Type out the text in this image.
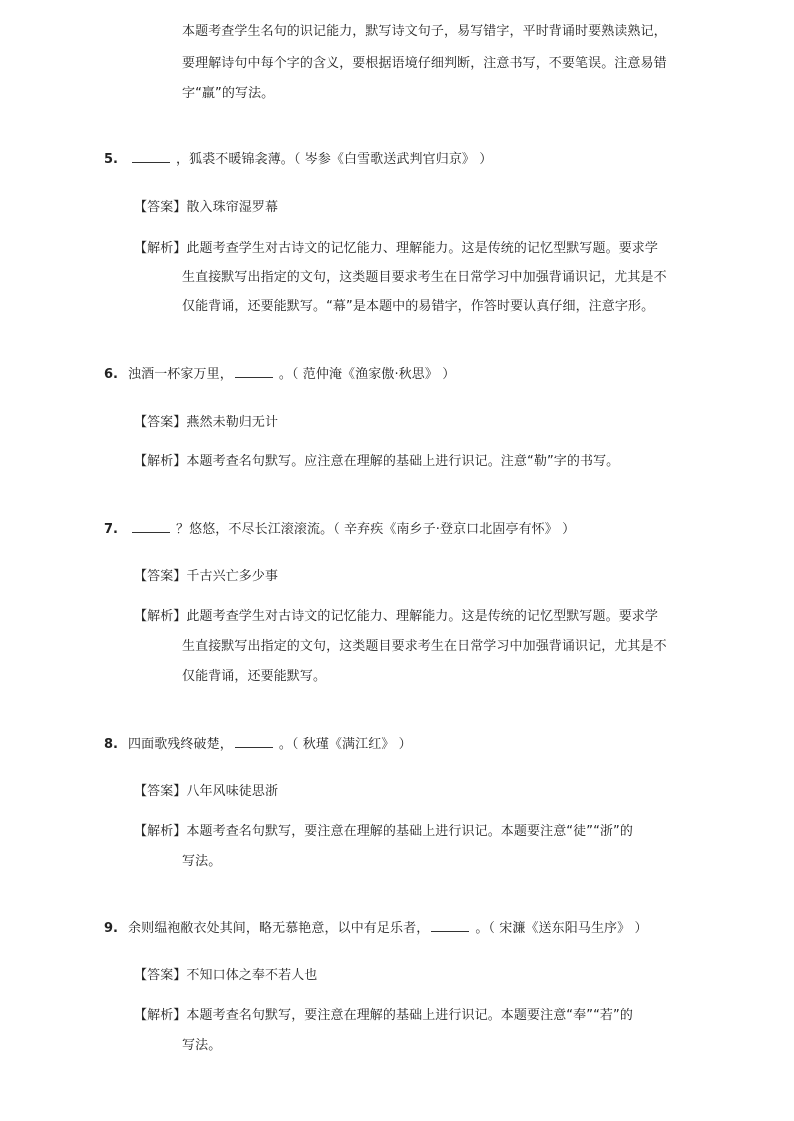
本题考查学生名句的识记能力，默写诗文句子，易写错字，平时背诵时要熟读熟记，
要理解诗句中每个字的含义，要根据语境仔细判断，注意书写，不要笔误。注意易错
字“羸”的写法。
5.	，狐裘不暖锦衾薄。（ 岑参《白雪歌送武判官归京》 ）
【答案】散入珠帘湿罗幕
【解析】此题考查学生对古诗文的记忆能力、理解能力。这是传统的记忆型默写题。要求学
生直接默写出指定的文句，这类题目要求考生在日常学习中加强背诵识记，尤其是不
仅能背诵，还要能默写。“幕”是本题中的易错字，作答时要认真仔细，注意字形。
6. 浊酒一杯家万里，	。（ 范仲淹《渔家傲·秋思》 ）
【答案】燕然未勒归无计
【解析】本题考查名句默写。应注意在理解的基础上进行识记。注意“勒”字的书写。
7.	？悠悠，不尽长江滚滚流。（ 辛弃疾《南乡子·登京口北固亭有怀》 ）
【答案】千古兴亡多少事
【解析】此题考查学生对古诗文的记忆能力、理解能力。这是传统的记忆型默写题。要求学
生直接默写出指定的文句，这类题目要求考生在日常学习中加强背诵识记，尤其是不
仅能背诵，还要能默写。
8. 四面歌残终破楚，	。（ 秋瑾《满江红》 ）
【答案】八年风味徒思浙
【解析】本题考查名句默写，要注意在理解的基础上进行识记。本题要注意“徒”“浙”的
写法。
9. 余则缊袍敝衣处其间，略无慕艳意，以中有足乐者，	。（ 宋濂《送东阳马生序》 ）
【答案】不知口体之奉不若人也
【解析】本题考查名句默写，要注意在理解的基础上进行识记。本题要注意“奉”“若”的
写法。
